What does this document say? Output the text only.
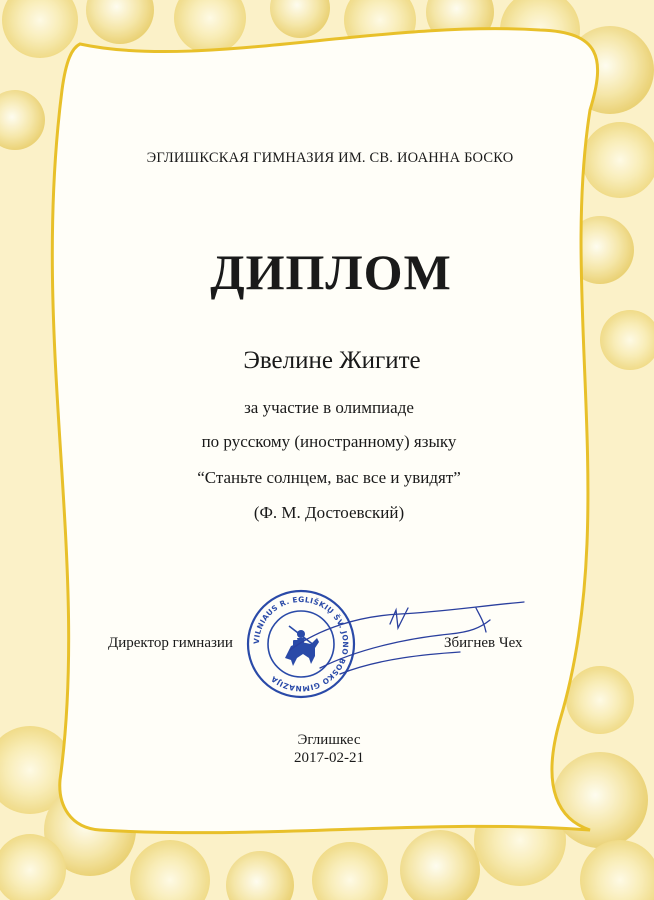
ЭГЛИШКСКАЯ ГИМНАЗИЯ ИМ. СВ. ИОАННА БОСКО
ДИПЛОМ
Эвелине Жигите
за участие в олимпиаде
по русскому (иностранному) языку
“Станьте солнцем, вас все и увидят”
(Ф. М. Достоевский)
Директор гимназии	Збигнев Чех
VILNIAUS R. EGLIŠKIŲ ŠV. JONO BOSKO GIMNAZIJA
Эглишкес
2017-02-21
